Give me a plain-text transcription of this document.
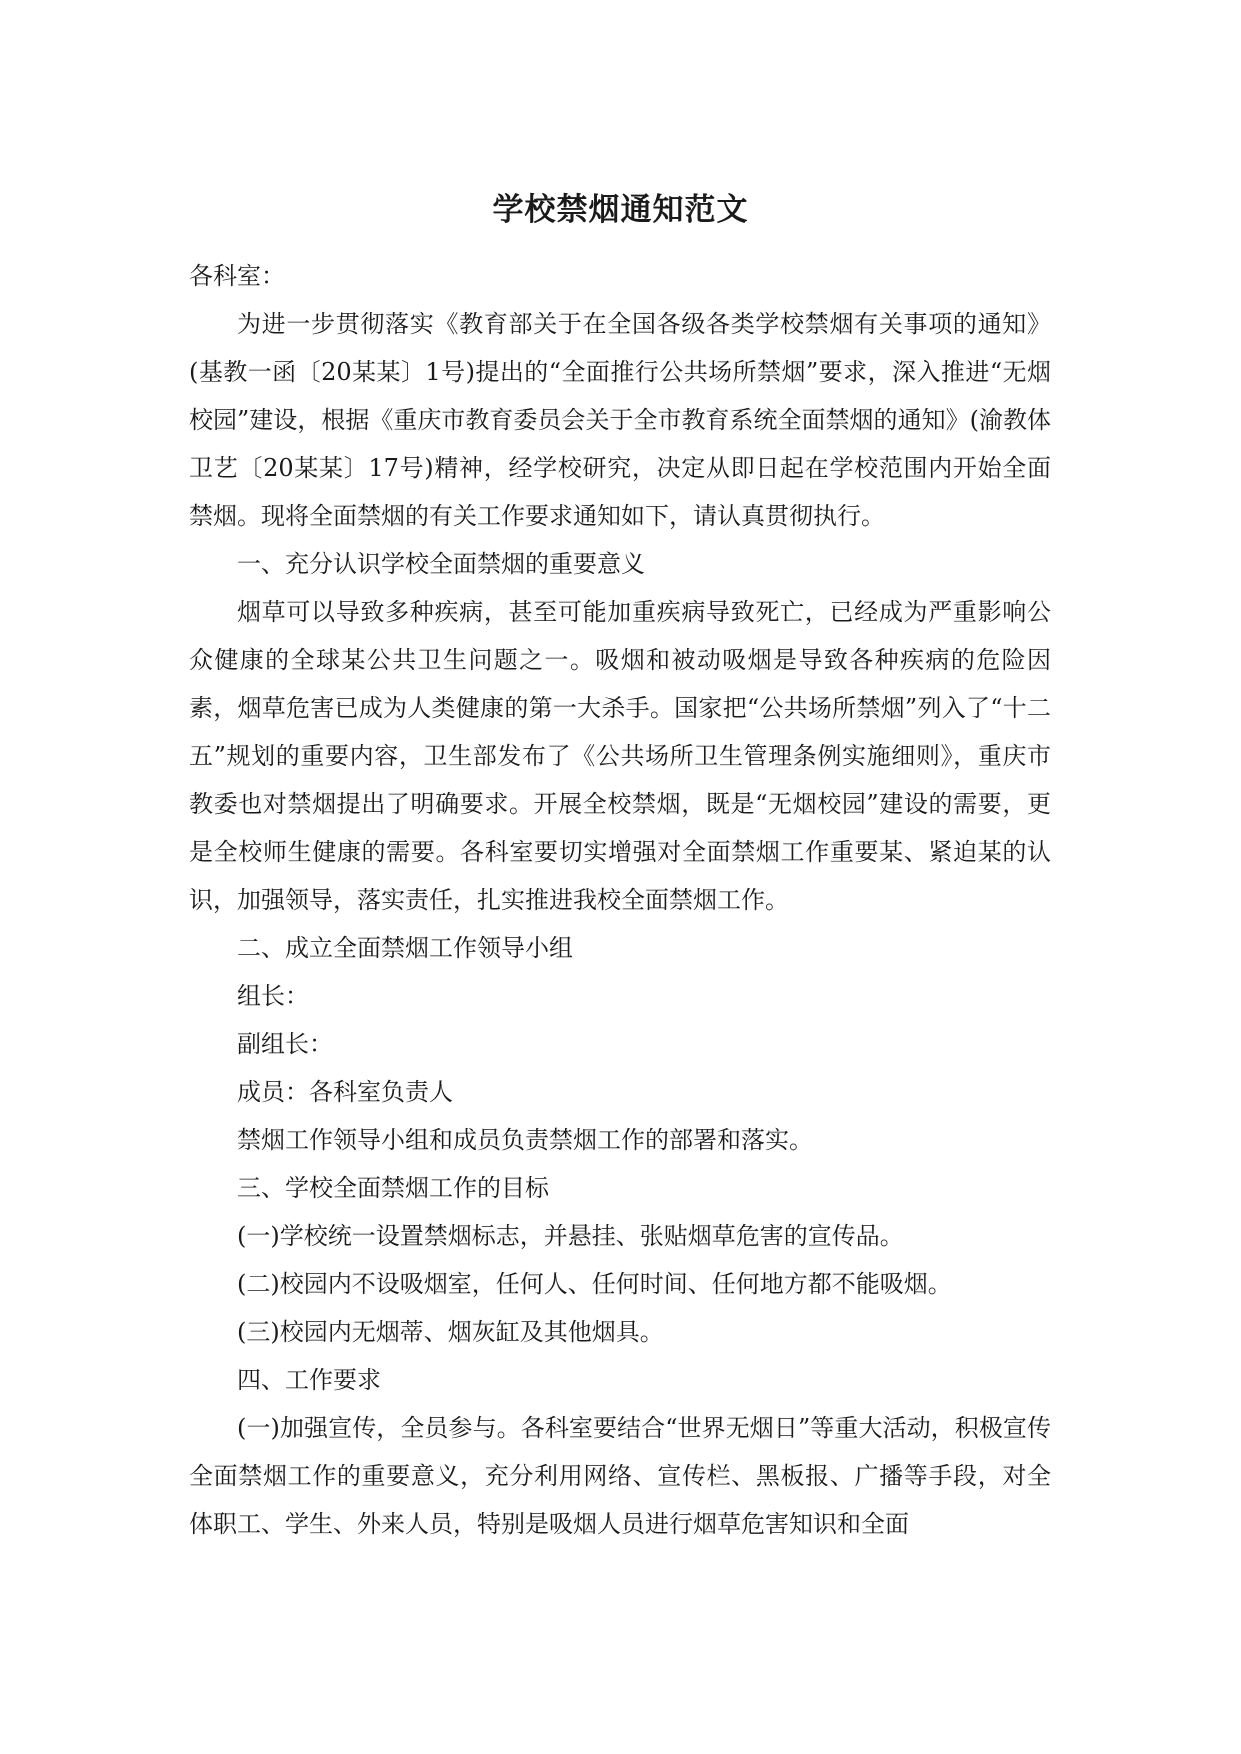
学校禁烟通知范文

各科室：

为进一步贯彻落实《教育部关于在全国各级各类学校禁烟有关事项的通知》(基教一函〔20某某〕1号)提出的“全面推行公共场所禁烟”要求，深入推进“无烟校园”建设，根据《重庆市教育委员会关于全市教育系统全面禁烟的通知》(渝教体卫艺〔20某某〕17号)精神，经学校研究，决定从即日起在学校范围内开始全面禁烟。现将全面禁烟的有关工作要求通知如下，请认真贯彻执行。

一、充分认识学校全面禁烟的重要意义

烟草可以导致多种疾病，甚至可能加重疾病导致死亡，已经成为严重影响公众健康的全球某公共卫生问题之一。吸烟和被动吸烟是导致各种疾病的危险因素，烟草危害已成为人类健康的第一大杀手。国家把“公共场所禁烟”列入了“十二五”规划的重要内容，卫生部发布了《公共场所卫生管理条例实施细则》，重庆市教委也对禁烟提出了明确要求。开展全校禁烟，既是“无烟校园”建设的需要，更是全校师生健康的需要。各科室要切实增强对全面禁烟工作重要某、紧迫某的认识，加强领导，落实责任，扎实推进我校全面禁烟工作。

二、成立全面禁烟工作领导小组

组长：

副组长：

成员：各科室负责人

禁烟工作领导小组和成员负责禁烟工作的部署和落实。

三、学校全面禁烟工作的目标

(一)学校统一设置禁烟标志，并悬挂、张贴烟草危害的宣传品。

(二)校园内不设吸烟室，任何人、任何时间、任何地方都不能吸烟。

(三)校园内无烟蒂、烟灰缸及其他烟具。

四、工作要求

(一)加强宣传，全员参与。各科室要结合“世界无烟日”等重大活动，积极宣传全面禁烟工作的重要意义，充分利用网络、宣传栏、黑板报、广播等手段，对全体职工、学生、外来人员，特别是吸烟人员进行烟草危害知识和全面
